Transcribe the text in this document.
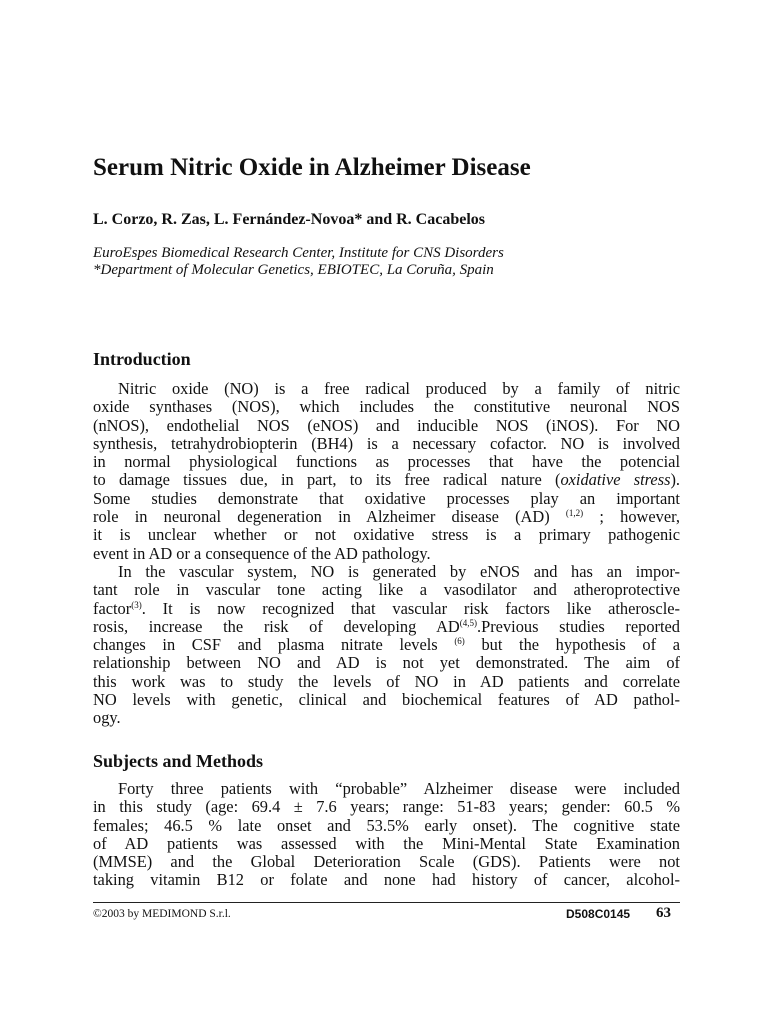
Serum Nitric Oxide in Alzheimer Disease
L. Corzo, R. Zas, L. Fernández-Novoa* and R. Cacabelos
EuroEspes Biomedical Research Center, Institute for CNS Disorders
*Department of Molecular Genetics, EBIOTEC, La Coruña, Spain
Introduction
Nitric oxide (NO) is a free radical produced by a family of nitric
oxide synthases (NOS), which includes the constitutive neuronal NOS
(nNOS), endothelial NOS (eNOS) and inducible NOS (iNOS). For NO
synthesis, tetrahydrobiopterin (BH4) is a necessary cofactor. NO is involved
in normal physiological functions as processes that have the potencial
to damage tissues due, in part, to its free radical nature (oxidative stress).
Some studies demonstrate that oxidative processes play an important
role in neuronal degeneration in Alzheimer disease (AD) $^{(1,2)}$ ; however,
it is unclear whether or not oxidative stress is a primary pathogenic
event in AD or a consequence of the AD pathology.
In the vascular system, NO is generated by eNOS and has an impor-
tant role in vascular tone acting like a vasodilator and atheroprotective
factor$^{(3)}$. It is now recognized that vascular risk factors like atheroscle-
rosis, increase the risk of developing AD$^{(4,5)}$.Previous studies reported
changes in CSF and plasma nitrate levels $^{(6)}$ but the hypothesis of a
relationship between NO and AD is not yet demonstrated. The aim of
this work was to study the levels of NO in AD patients and correlate
NO levels with genetic, clinical and biochemical features of AD pathol-
ogy.
Subjects and Methods
Forty three patients with “probable” Alzheimer disease were included
in this study (age: 69.4 ± 7.6 years; range: 51-83 years; gender: 60.5 %
females; 46.5 % late onset and 53.5% early onset). The cognitive state
of AD patients was assessed with the Mini-Mental State Examination
(MMSE) and the Global Deterioration Scale (GDS). Patients were not
taking vitamin B12 or folate and none had history of cancer, alcohol-
©2003 by MEDIMOND S.r.l.	D508C0145 63
